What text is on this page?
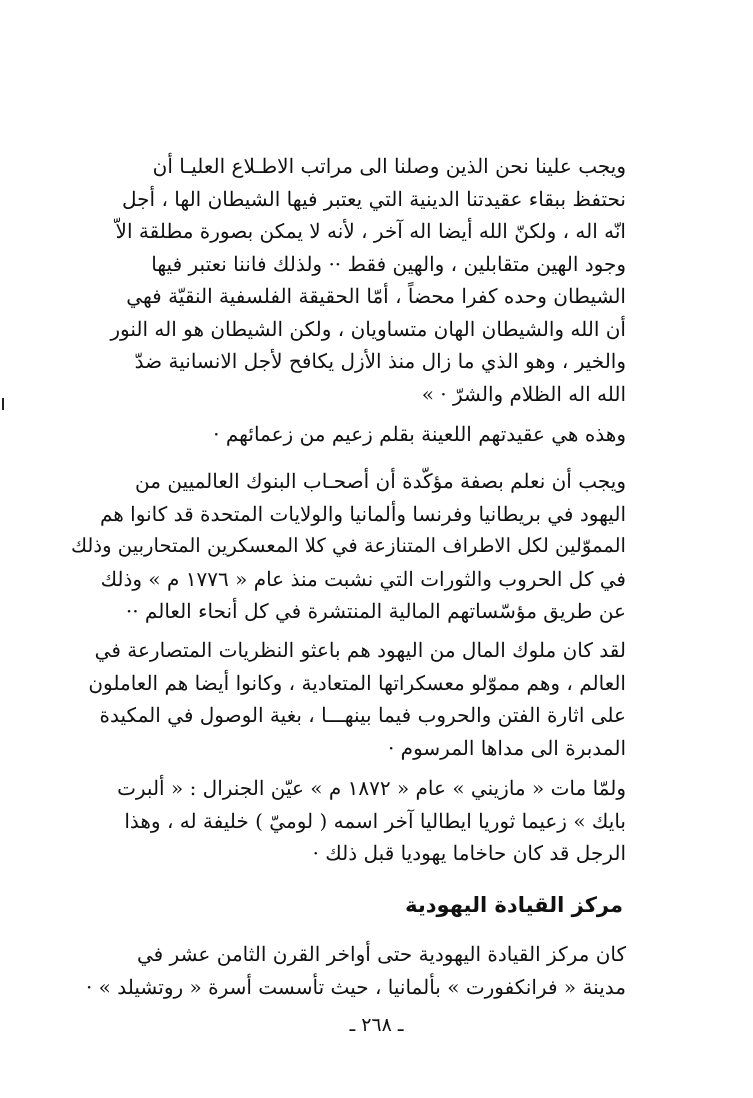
ويجب علينا نحن الذين وصلنا الى مراتب الاطـلاع العليـا أن
نحتفظ ببقاء عقيدتنا الدينية التي يعتبر فيها الشيطان الها ، أجل
انّه اله ، ولكنّ الله أيضا اله آخر ، لأنه لا يمكن بصورة مطلقة الاّ
وجود الهين متقابلين ، والهين فقط ·· ولذلك فاننا نعتبر فيها
الشيطان وحده كفرا محضاً ، أمّا الحقيقة الفلسفية النقيّة فهي
أن الله والشيطان الهان متساويان ، ولكن الشيطان هو اله النور
والخير ، وهو الذي ما زال منذ الأزل يكافح لأجل الانسانية ضدّ
الله اله الظلام والشرّ · »
وهذه هي عقيدتهم اللعينة بقلم زعيم من زعمائهم ·
ويجب أن نعلم بصفة مؤكّدة أن أصحـاب البنوك العالميين من
اليهود في بريطانيا وفرنسا وألمانيا والولايات المتحدة قد كانوا هم
المموّلين لكل الاطراف المتنازعة في كلا المعسكرين المتحاربين وذلك
في كل الحروب والثورات التي نشبت منذ عام « ١٧٧٦ م » وذلك
عن طريق مؤسّساتهم المالية المنتشرة في كل أنحاء العالم ··
لقد كان ملوك المال من اليهود هم باعثو النظريات المتصارعة في
العالم ، وهم مموّلو معسكراتها المتعادية ، وكانوا أيضا هم العاملون
على اثارة الفتن والحروب فيما بينهـــا ، بغية الوصول في المكيدة
المدبرة الى مداها المرسوم ·
ولمّا مات « مازيني » عام « ١٨٧٢ م » عيّن الجنرال : « ألبرت
بايك » زعيما ثوريا ايطاليا آخر اسمه ( لوميّ ) خليفة له ، وهذا
الرجل قد كان حاخاما يهوديا قبل ذلك ·
مركز القيادة اليهودية
كان مركز القيادة اليهودية حتى أواخر القرن الثامن عشر في
مدينة « فرانكفورت » بألمانيا ، حيث تأسست أسرة « روتشيلد » ·
ـ ٢٦٨ ـ
